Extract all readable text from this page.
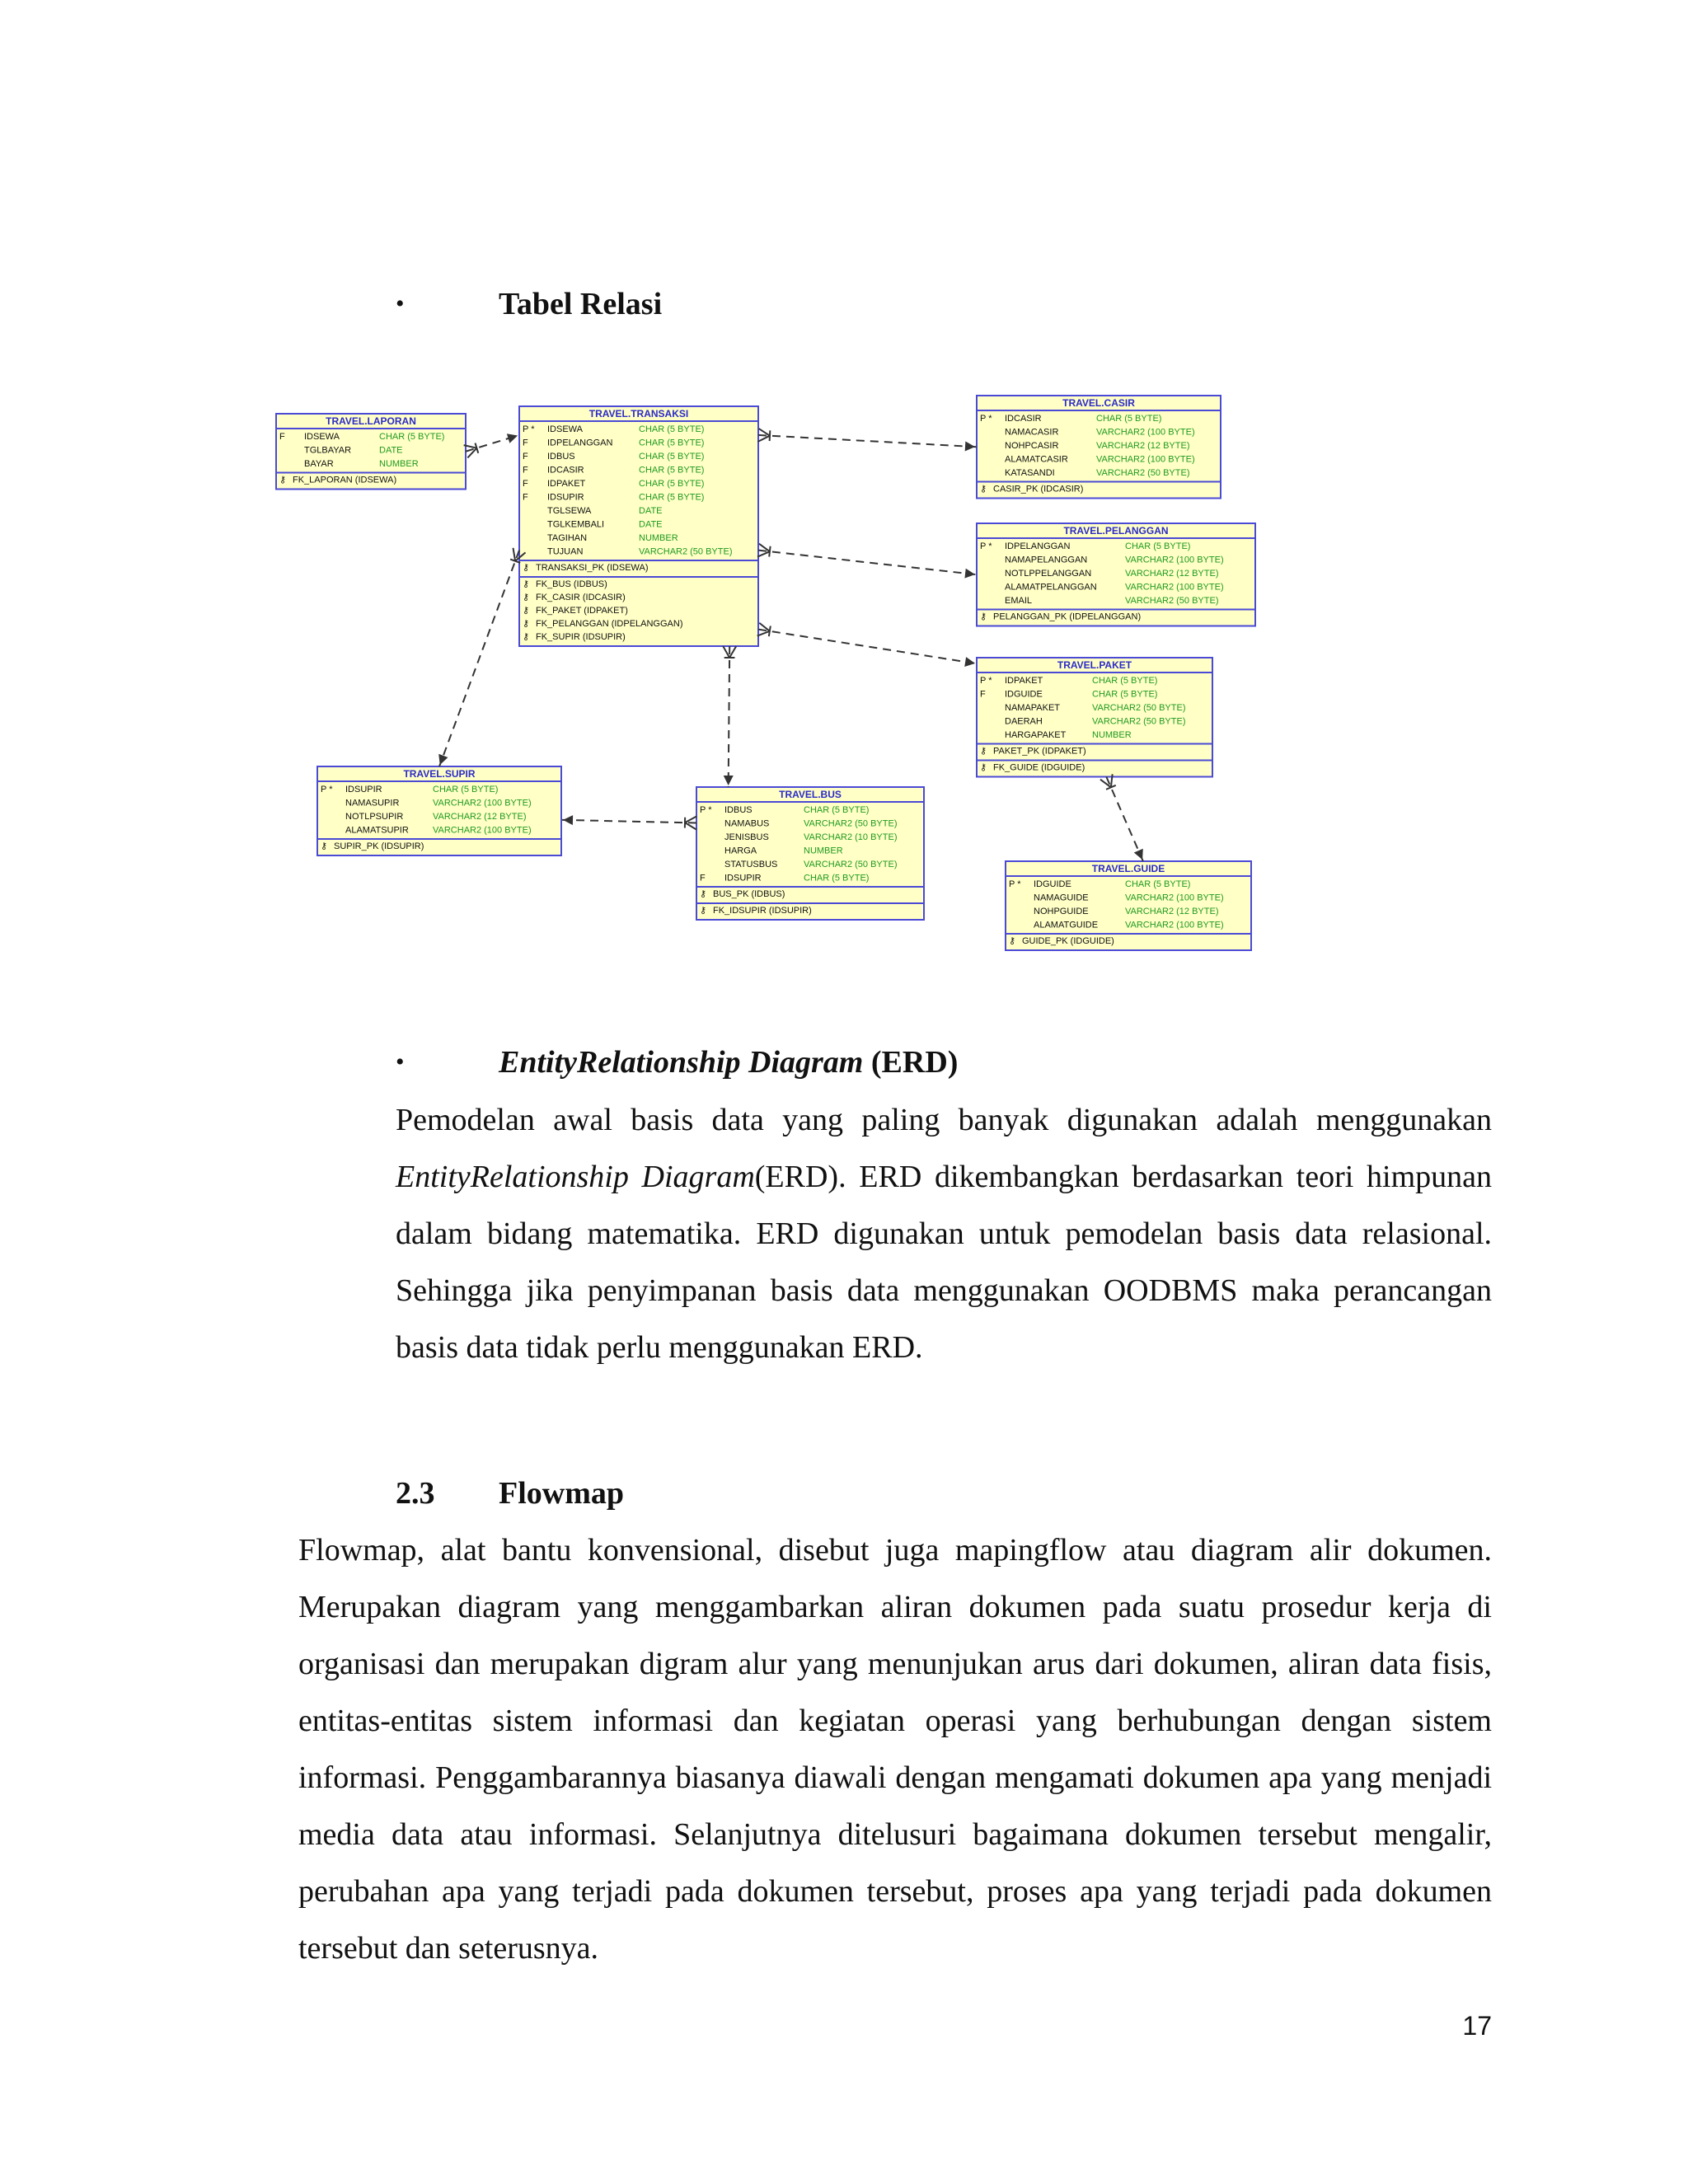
•	Tabel Relasi
TRAVEL.LAPORAN
F IDSEWA	CHAR (5 BYTE)
TGLBAYAR	DATE
BAYAR	NUMBER
⚷ FK_LAPORAN (IDSEWA)
TRAVEL.TRANSAKSI
P * IDSEWA	CHAR (5 BYTE)
F IDPELANGGAN	CHAR (5 BYTE)
F IDBUS	CHAR (5 BYTE)
F IDCASIR	CHAR (5 BYTE)
F IDPAKET	CHAR (5 BYTE)
F IDSUPIR	CHAR (5 BYTE)
TGLSEWA	DATE
TGLKEMBALI	DATE
TAGIHAN	NUMBER
TUJUAN	VARCHAR2 (50 BYTE)
⚷ TRANSAKSI_PK (IDSEWA)
⚷ FK_BUS (IDBUS)
⚷ FK_CASIR (IDCASIR)
⚷ FK_PAKET (IDPAKET)
⚷ FK_PELANGGAN (IDPELANGGAN)
⚷ FK_SUPIR (IDSUPIR)
TRAVEL.CASIR
P * IDCASIR	CHAR (5 BYTE)
NAMACASIR	VARCHAR2 (100 BYTE)
NOHPCASIR	VARCHAR2 (12 BYTE)
ALAMATCASIR	VARCHAR2 (100 BYTE)
KATASANDI	VARCHAR2 (50 BYTE)
⚷ CASIR_PK (IDCASIR)
TRAVEL.PELANGGAN
P * IDPELANGGAN	CHAR (5 BYTE)
NAMAPELANGGAN	VARCHAR2 (100 BYTE)
NOTLPPELANGGAN	VARCHAR2 (12 BYTE)
ALAMATPELANGGAN	VARCHAR2 (100 BYTE)
EMAIL	VARCHAR2 (50 BYTE)
⚷ PELANGGAN_PK (IDPELANGGAN)
TRAVEL.PAKET
P * IDPAKET	CHAR (5 BYTE)
F IDGUIDE	CHAR (5 BYTE)
NAMAPAKET	VARCHAR2 (50 BYTE)
DAERAH	VARCHAR2 (50 BYTE)
HARGAPAKET	NUMBER
⚷ PAKET_PK (IDPAKET)
⚷ FK_GUIDE (IDGUIDE)
TRAVEL.SUPIR
P * IDSUPIR	CHAR (5 BYTE)
NAMASUPIR	VARCHAR2 (100 BYTE)
NOTLPSUPIR	VARCHAR2 (12 BYTE)
ALAMATSUPIR	VARCHAR2 (100 BYTE)
⚷ SUPIR_PK (IDSUPIR)
TRAVEL.BUS
P * IDBUS	CHAR (5 BYTE)
NAMABUS	VARCHAR2 (50 BYTE)
JENISBUS	VARCHAR2 (10 BYTE)
HARGA	NUMBER
STATUSBUS	VARCHAR2 (50 BYTE)
F IDSUPIR	CHAR (5 BYTE)
⚷ BUS_PK (IDBUS)
⚷ FK_IDSUPIR (IDSUPIR)
TRAVEL.GUIDE
P * IDGUIDE	CHAR (5 BYTE)
NAMAGUIDE	VARCHAR2 (100 BYTE)
NOHPGUIDE	VARCHAR2 (12 BYTE)
ALAMATGUIDE	VARCHAR2 (100 BYTE)
⚷ GUIDE_PK (IDGUIDE)
•	EntityRelationship Diagram (ERD)

Pemodelan awal basis data yang paling banyak digunakan adalah menggunakan EntityRelationship Diagram(ERD). ERD dikembangkan berdasarkan teori himpunan dalam bidang matematika. ERD digunakan untuk pemodelan basis data relasional. Sehingga jika penyimpanan basis data menggunakan OODBMS maka perancangan basis data tidak perlu menggunakan ERD.

2.3 Flowmap

Flowmap, alat bantu konvensional, disebut juga mapingflow atau diagram alir dokumen. Merupakan diagram yang menggambarkan aliran dokumen pada suatu prosedur kerja di organisasi dan merupakan digram alur yang menunjukan arus dari dokumen, aliran data fisis, entitas-entitas sistem informasi dan kegiatan operasi yang berhubungan dengan sistem informasi. Penggambarannya biasanya diawali dengan mengamati dokumen apa yang menjadi media data atau informasi. Selanjutnya ditelusuri bagaimana dokumen tersebut mengalir, perubahan apa yang terjadi pada dokumen tersebut, proses apa yang terjadi pada dokumen tersebut dan seterusnya.

17
